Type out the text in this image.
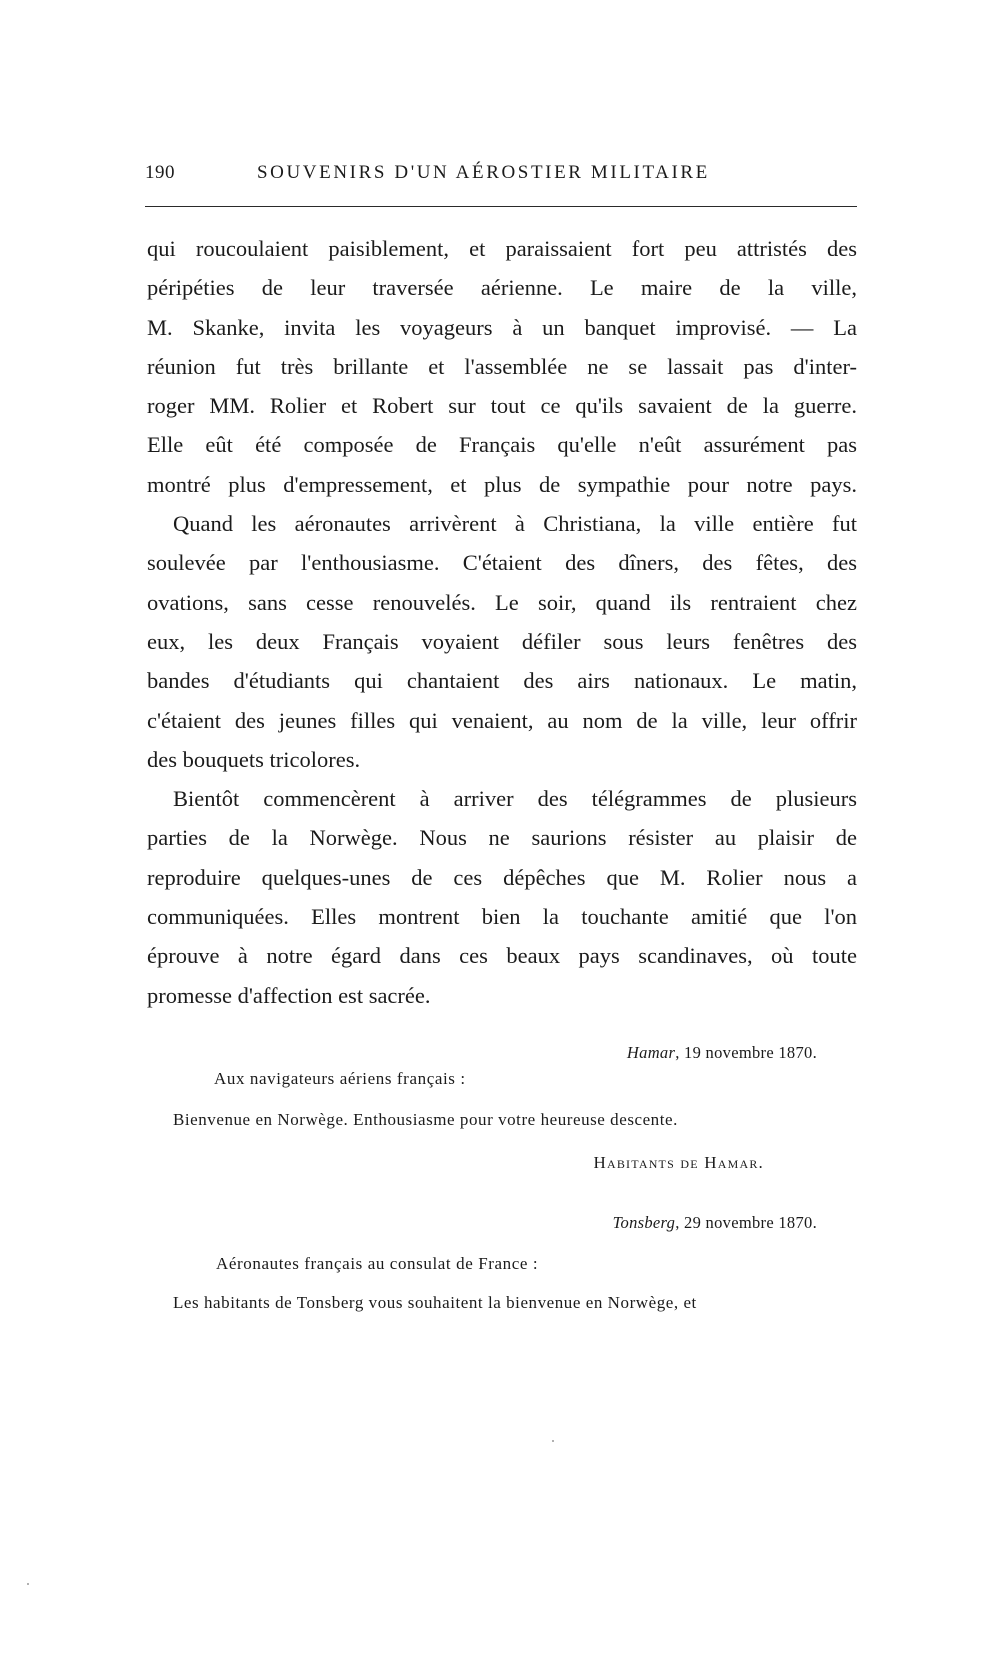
190	SOUVENIRS D'UN AÉROSTIER MILITAIRE

qui roucoulaient paisiblement, et paraissaient fort peu attristés des
péripéties de leur traversée aérienne. Le maire de la ville,
M. Skanke, invita les voyageurs à un banquet improvisé. — La
réunion fut très brillante et l'assemblée ne se lassait pas d'inter-
roger MM. Rolier et Robert sur tout ce qu'ils savaient de la guerre.
Elle eût été composée de Français qu'elle n'eût assurément pas
montré plus d'empressement, et plus de sympathie pour notre pays.

Quand les aéronautes arrivèrent à Christiana, la ville entière fut
soulevée par l'enthousiasme. C'étaient des dîners, des fêtes, des
ovations, sans cesse renouvelés. Le soir, quand ils rentraient chez
eux, les deux Français voyaient défiler sous leurs fenêtres des
bandes d'étudiants qui chantaient des airs nationaux. Le matin,
c'étaient des jeunes filles qui venaient, au nom de la ville, leur offrir
des bouquets tricolores.

Bientôt commencèrent à arriver des télégrammes de plusieurs
parties de la Norwège. Nous ne saurions résister au plaisir de
reproduire quelques-unes de ces dépêches que M. Rolier nous a
communiquées. Elles montrent bien la touchante amitié que l'on
éprouve à notre égard dans ces beaux pays scandinaves, où toute
promesse d'affection est sacrée.

Hamar, 19 novembre 1870.
Aux navigateurs aériens français :
Bienvenue en Norwège. Enthousiasme pour votre heureuse descente.
Habitants de Hamar.
Tonsberg, 29 novembre 1870.
Aéronautes français au consulat de France :
Les habitants de Tonsberg vous souhaitent la bienvenue en Norwège, et
